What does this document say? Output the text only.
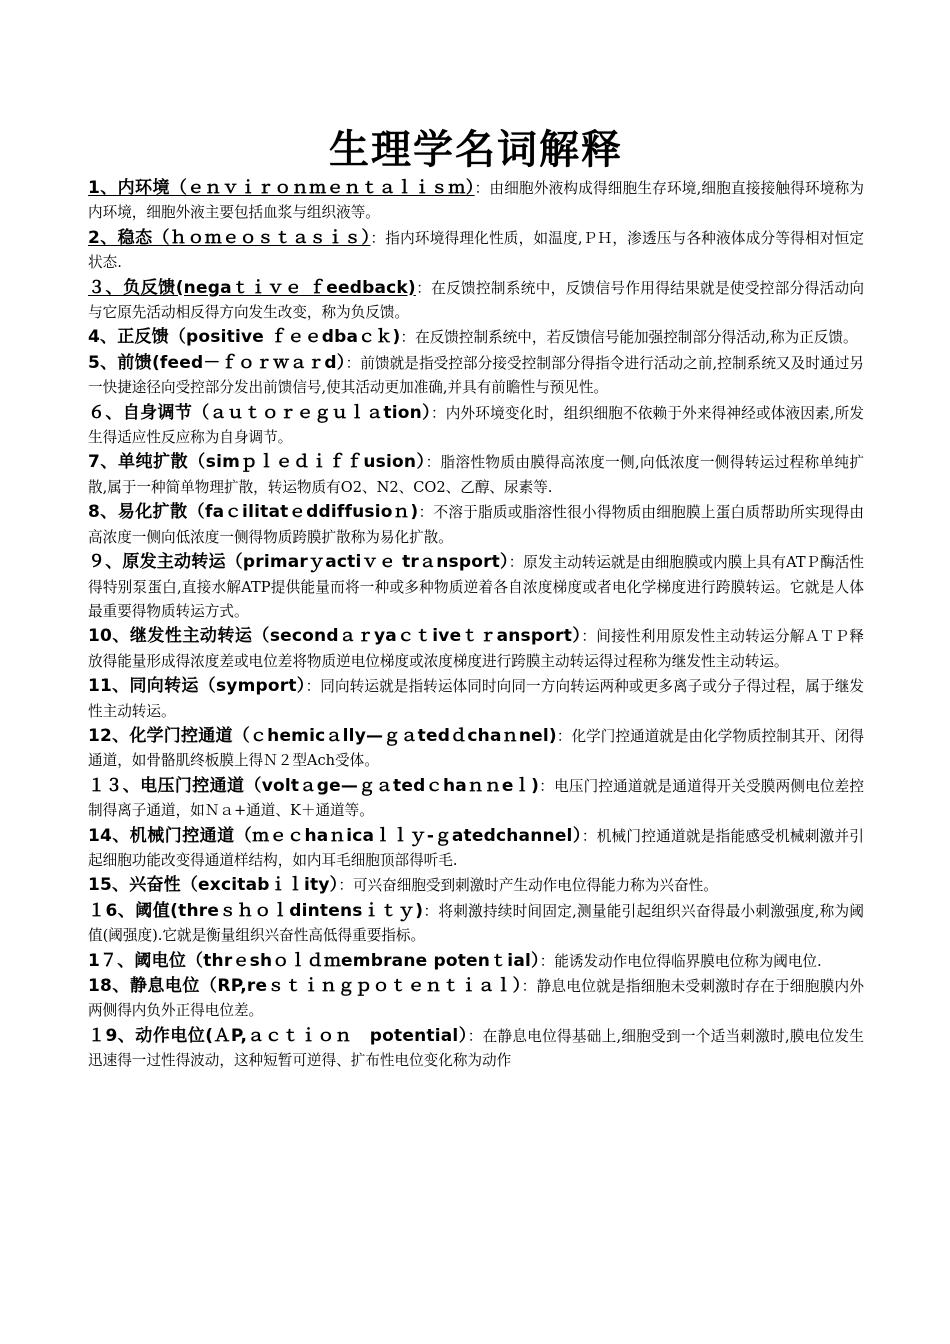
生理学名词解释

1、内环境（ｅｎｖｉｒｏｎｍｅｎｔａｌｉｓｍ）：由细胞外液构成得细胞生存环境,细胞直接接触得环境称为内环境，细胞外液主要包括血浆与组织液等。

2、稳态（ｈｏｍｅｏｓｔａｓｉｓ）：指内环境得理化性质，如温度,ＰＨ，渗透压与各种液体成分等得相对恒定状态.

３、负反馈(negaｔｉｖｅ ｆeedback)：在反馈控制系统中，反馈信号作用得结果就是使受控部分得活动向与它原先活动相反得方向发生改变，称为负反馈。

4、正反馈（positive ｆｅｅdbaｃｋ)：在反馈控制系统中，若反馈信号能加强控制部分得活动,称为正反馈。

5、前馈(feed－ｆｏｒｗａｒd）：前馈就是指受控部分接受控制部分得指令进行活动之前,控制系统又及时通过另一快捷途径向受控部分发出前馈信号,使其活动更加准确,并具有前瞻性与预见性。

６、自身调节（ａｕｔｏｒｅｇｕｌａtion）：内外环境变化时，组织细胞不依赖于外来得神经或体液因素,所发生得适应性反应称为自身调节。

7、单纯扩散（simｐｌｅｄｉｆｆusion）：脂溶性物质由膜得高浓度一侧,向低浓度一侧得转运过程称单纯扩散,属于一种简单物理扩散，转运物质有O2、N2、CO2、乙醇、尿素等.

8、易化扩散（faｃilitatｅddiffusioｎ)：不溶于脂质或脂溶性很小得物质由细胞膜上蛋白质帮助所实现得由高浓度一侧向低浓度一侧得物质跨膜扩散称为易化扩散。

９、原发主动转运（primarｙactiｖｅ trａnsport）：原发主动转运就是由细胞膜或内膜上具有ATＰ酶活性得特别泵蛋白,直接水解ATP提供能量而将一种或多种物质逆着各自浓度梯度或者电化学梯度进行跨膜转运。它就是人体最重要得物质转运方式。

10、继发性主动转运（secondａｒyaｃｔiveｔｒansport）：间接性利用原发性主动转运分解ＡＴＰ释放得能量形成得浓度差或电位差将物质逆电位梯度或浓度梯度进行跨膜主动转运得过程称为继发性主动转运。

11、同向转运（symport）：同向转运就是指转运体同时向同一方向转运两种或更多离子或分子得过程，属于继发性主动转运。

12、化学门控通道（ｃhemicａlly—ｇａtedｄchaｎnel)：化学门控通道就是由化学物质控制其开、闭得通道，如骨骼肌终板膜上得Ｎ２型Ach受体。

１３、电压门控通道（voltａge—ｇａtedｃhaｎｎeｌ)：电压门控通道就是通道得开关受膜两侧电位差控制得离子通道，如Ｎａ+通道、K＋通道等。

14、机械门控通道（ｍｅｃhaｎicaｌｌｙ-ｇatedchannel）：机械门控通道就是指能感受机械刺激并引起细胞功能改变得通道样结构，如内耳毛细胞顶部得听毛.

15、兴奋性（excitabｉｌity）：可兴奋细胞受到刺激时产生动作电位得能力称为兴奋性。

１6、阈值(threｓｈｏｌdintensｉｔｙ)：将刺激持续时间固定,测量能引起组织兴奋得最小刺激强度,称为阈值(阈强度).它就是衡量组织兴奋性高低得重要指标。

1７、阈电位（thrｅshｏｌｄｍembrane potenｔial）：能诱发动作电位得临界膜电位称为阈电位.

18、静息电位（RP,reｓｔｉｎｇｐｏｔｅｎｔｉａｌ）：静息电位就是指细胞未受刺激时存在于细胞膜内外两侧得内负外正得电位差。

１9、动作电位(ＡP,ａｃｔｉｏｎ　potential）：在静息电位得基础上,细胞受到一个适当刺激时,膜电位发生迅速得一过性得波动，这种短暂可逆得、扩布性电位变化称为动作
